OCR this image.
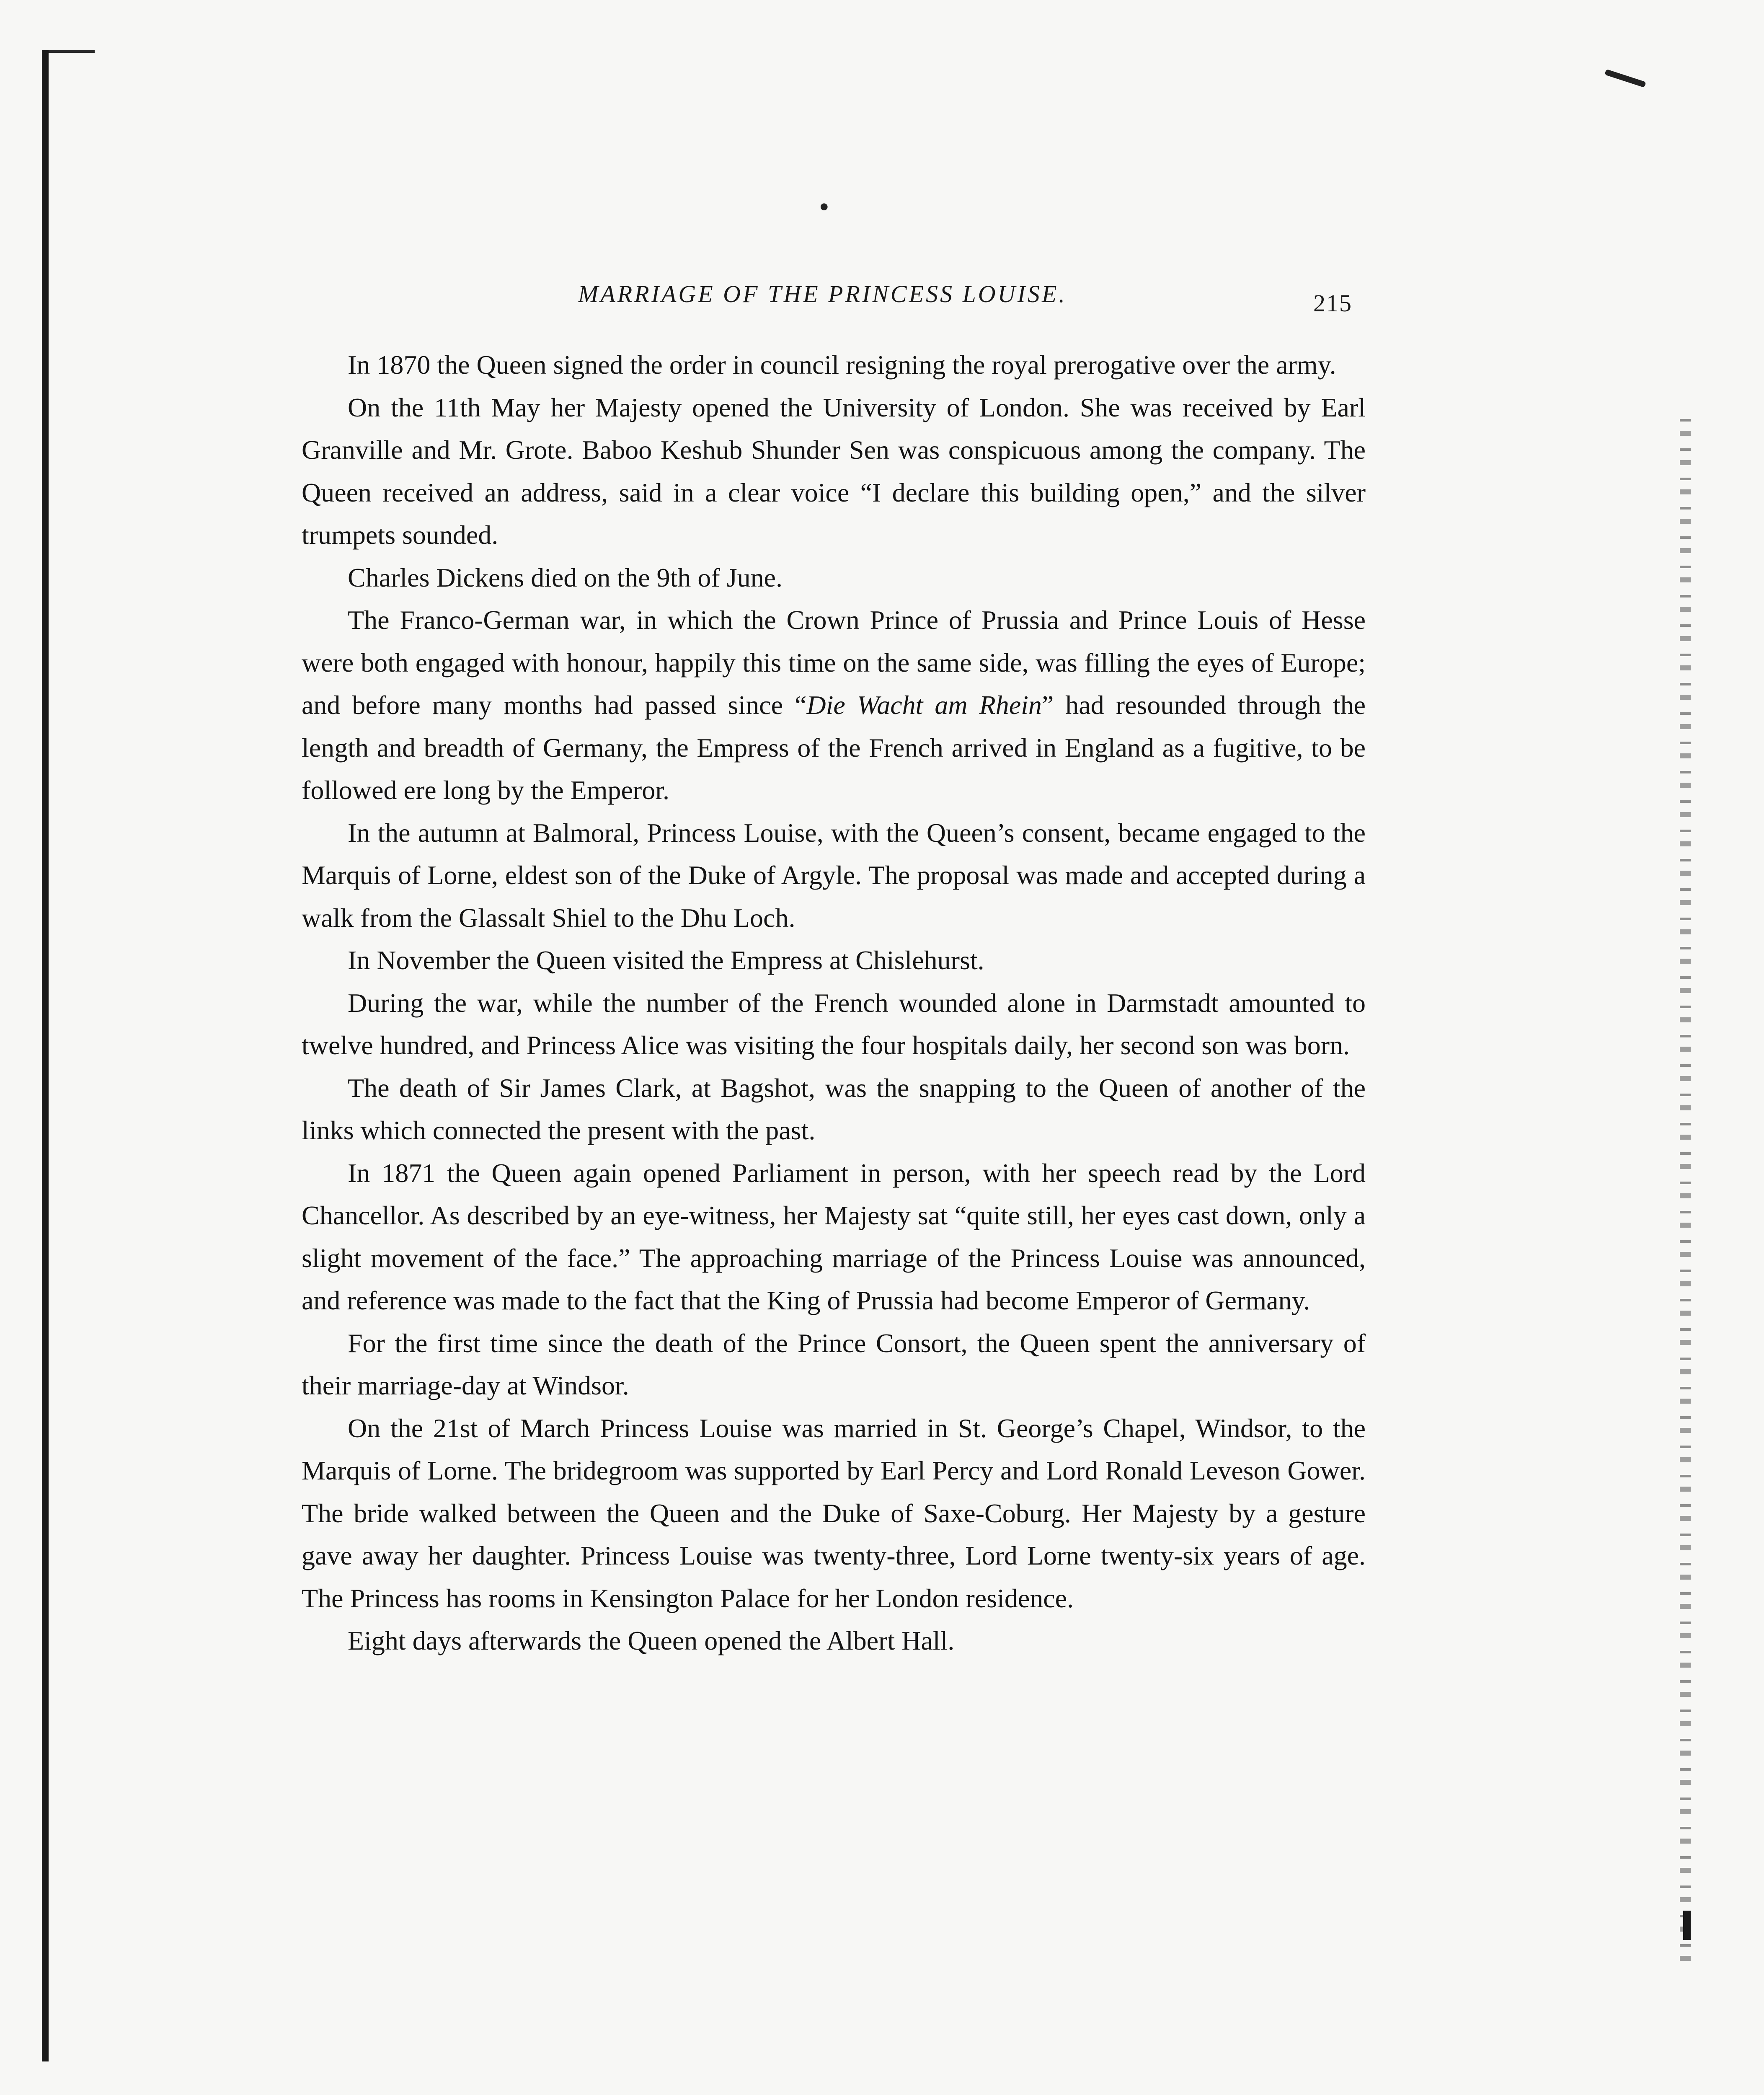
•
MARRIAGE OF THE PRINCESS LOUISE.	215

In 1870 the Queen signed the order in council resigning the royal prerogative over the army.

On the 11th May her Majesty opened the University of London. She was received by Earl Granville and Mr. Grote. Baboo Keshub Shunder Sen was conspicuous among the company. The Queen received an address, said in a clear voice “I declare this building open,” and the silver trumpets sounded.

Charles Dickens died on the 9th of June.

The Franco-German war, in which the Crown Prince of Prussia and Prince Louis of Hesse were both engaged with honour, happily this time on the same side, was filling the eyes of Europe; and before many months had passed since “Die Wacht am Rhein” had resounded through the length and breadth of Germany, the Empress of the French arrived in England as a fugitive, to be followed ere long by the Emperor.

In the autumn at Balmoral, Princess Louise, with the Queen’s consent, became engaged to the Marquis of Lorne, eldest son of the Duke of Argyle. The proposal was made and accepted during a walk from the Glassalt Shiel to the Dhu Loch.

In November the Queen visited the Empress at Chislehurst.

During the war, while the number of the French wounded alone in Darmstadt amounted to twelve hundred, and Princess Alice was visiting the four hospitals daily, her second son was born.

The death of Sir James Clark, at Bagshot, was the snapping to the Queen of another of the links which connected the present with the past.

In 1871 the Queen again opened Parliament in person, with her speech read by the Lord Chancellor. As described by an eye-witness, her Majesty sat “quite still, her eyes cast down, only a slight movement of the face.” The approaching marriage of the Princess Louise was announced, and reference was made to the fact that the King of Prussia had become Emperor of Germany.

For the first time since the death of the Prince Consort, the Queen spent the anniversary of their marriage-day at Windsor.

On the 21st of March Princess Louise was married in St. George’s Chapel, Windsor, to the Marquis of Lorne. The bridegroom was supported by Earl Percy and Lord Ronald Leveson Gower. The bride walked between the Queen and the Duke of Saxe-Coburg. Her Majesty by a gesture gave away her daughter. Princess Louise was twenty-three, Lord Lorne twenty-six years of age. The Princess has rooms in Kensington Palace for her London residence.

Eight days afterwards the Queen opened the Albert Hall.
